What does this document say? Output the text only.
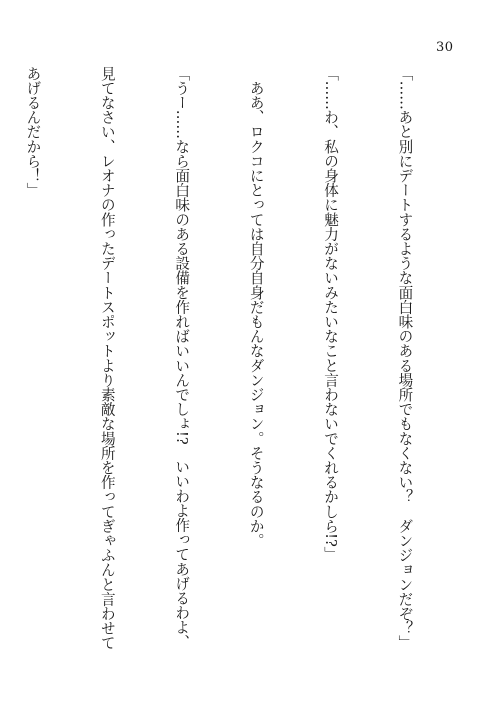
30

「……あと別にデートするような面白味のある場所でもなくない？　ダンジョンだぞ？」

「……わ、私の身体に魅力がないみたいなこと言わないでくれるかしら!?」

　ああ、ロクコにとっては自分自身だもんなダンジョン。そうなるのか。

「うー……なら面白味のある設備を作ればいいんでしょ!?　いいわよ作ってあげるわよ、

見てなさい、レオナの作ったデートスポットより素敵な場所を作ってぎゃふんと言わせて

あげるんだから！」
